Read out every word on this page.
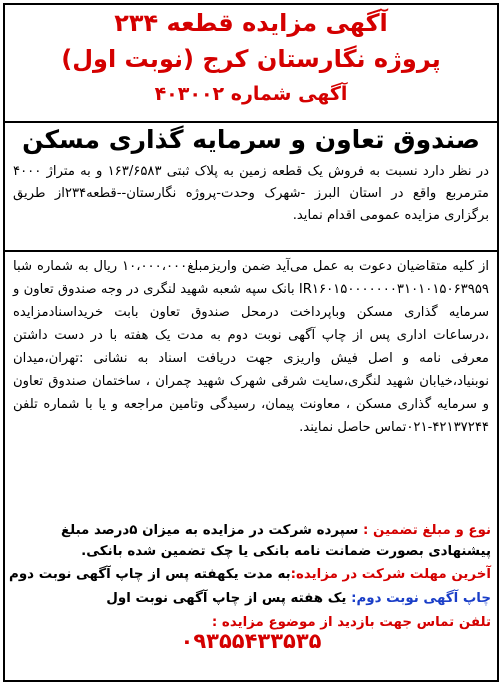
آگهی مزایده قطعه ۲۳۴
پروژه نگارستان کرج (نوبت اول)
آگهی شماره ۴۰۳۰۰۲
صندوق تعاون و سرمایه گذاری مسکن
در نظر دارد نسبت به فروش یک قطعه زمین به پلاک ثبتی ۱۶۳/۶۵۸۳ و به متراژ ۴۰۰۰ مترمربع واقع در استان البرز -شهرک وحدت-پروژه نگارستان--قطعه۲۳۴از طریق برگزاری مزایده عمومی اقدام نماید.
از کلیه متقاضیان دعوت به عمل می‌آید ضمن واریزمبلغ۱۰،۰۰۰،۰۰۰ ریال به شماره شبا IR۱۶۰۱۵۰۰۰۰۰۰۰۳۱۰۱۰۱۵۰۶۳۹۵۹ بانک سپه شعبه شهید لنگری در وجه صندوق تعاون و سرمایه گذاری مسکن وباپرداخت درمحل صندوق تعاون بابت خریداسنادمزایده ،درساعات اداری پس از چاپ آگهی نوبت دوم به مدت یک هفته با در دست داشتن معرفی نامه و اصل فیش واریزی جهت دریافت اسناد به نشانی :تهران،میدان نوبنیاد،خیابان شهید لنگری،سایت شرقی شهرک شهید چمران ، ساختمان صندوق تعاون و سرمایه گذاری مسکن ، معاونت پیمان، رسیدگی وتامین مراجعه و یا با شماره تلفن ۴۲۱۳۷۲۴۴-۰۲۱تماس حاصل نمایند.
نوع و مبلغ تضمین : سپرده شرکت در مزایده به میزان ۵درصد مبلغ
پیشنهادی بصورت ضمانت نامه بانکی یا چک تضمین شده بانکی.
آخرین مهلت شرکت در مزایده:به مدت یکهفته پس از چاپ آگهی نوبت دوم
چاپ آگهی نوبت دوم: یک هفته پس از چاپ آگهی نوبت اول
تلفن تماس جهت بازدید از موضوع مزایده :
۰۹۳۵۵۴۳۳۵۳۵
